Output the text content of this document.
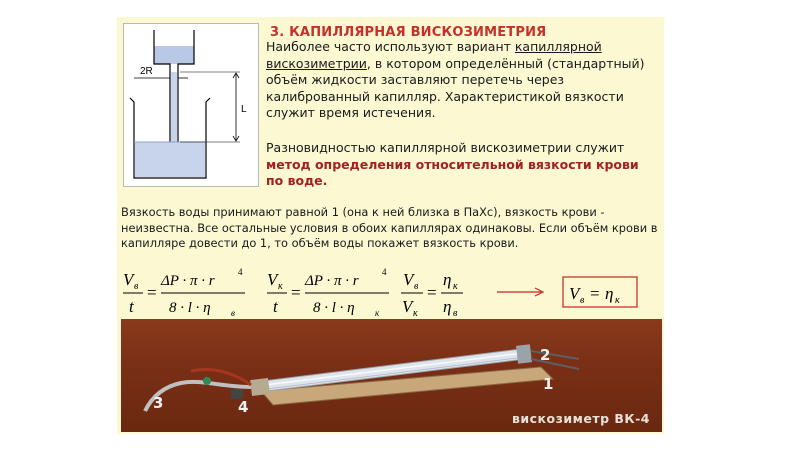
2R
L
3. КАПИЛЛЯРНАЯ ВИСКОЗИМЕТРИЯ

Наиболее часто используют вариант капиллярной вискозиметрии, в котором определённый (стандартный) объём жидкости заставляют перетечь через калиброванный капилляр. Характеристикой вязкости служит время истечения.

Разновидностью капиллярной вискозиметрии служит метод определения относительной вязкости крови по воде.

Вязкость воды принимают равной 1 (она к ней близка в ПаХс), вязкость крови - неизвестна. Все остальные условия в обоих капиллярах одинаковы. Если объём крови в капилляре довести до 1, то объём воды покажет вязкость крови.

V в
t
=
ΔP · π · r
4
8 · l · η в
V к
t
=
ΔP · π · r
4
8 · l · η к
V в
V к
=
η к
η в
V в = η к
2
1
3	4
вискозиметр ВК-4
